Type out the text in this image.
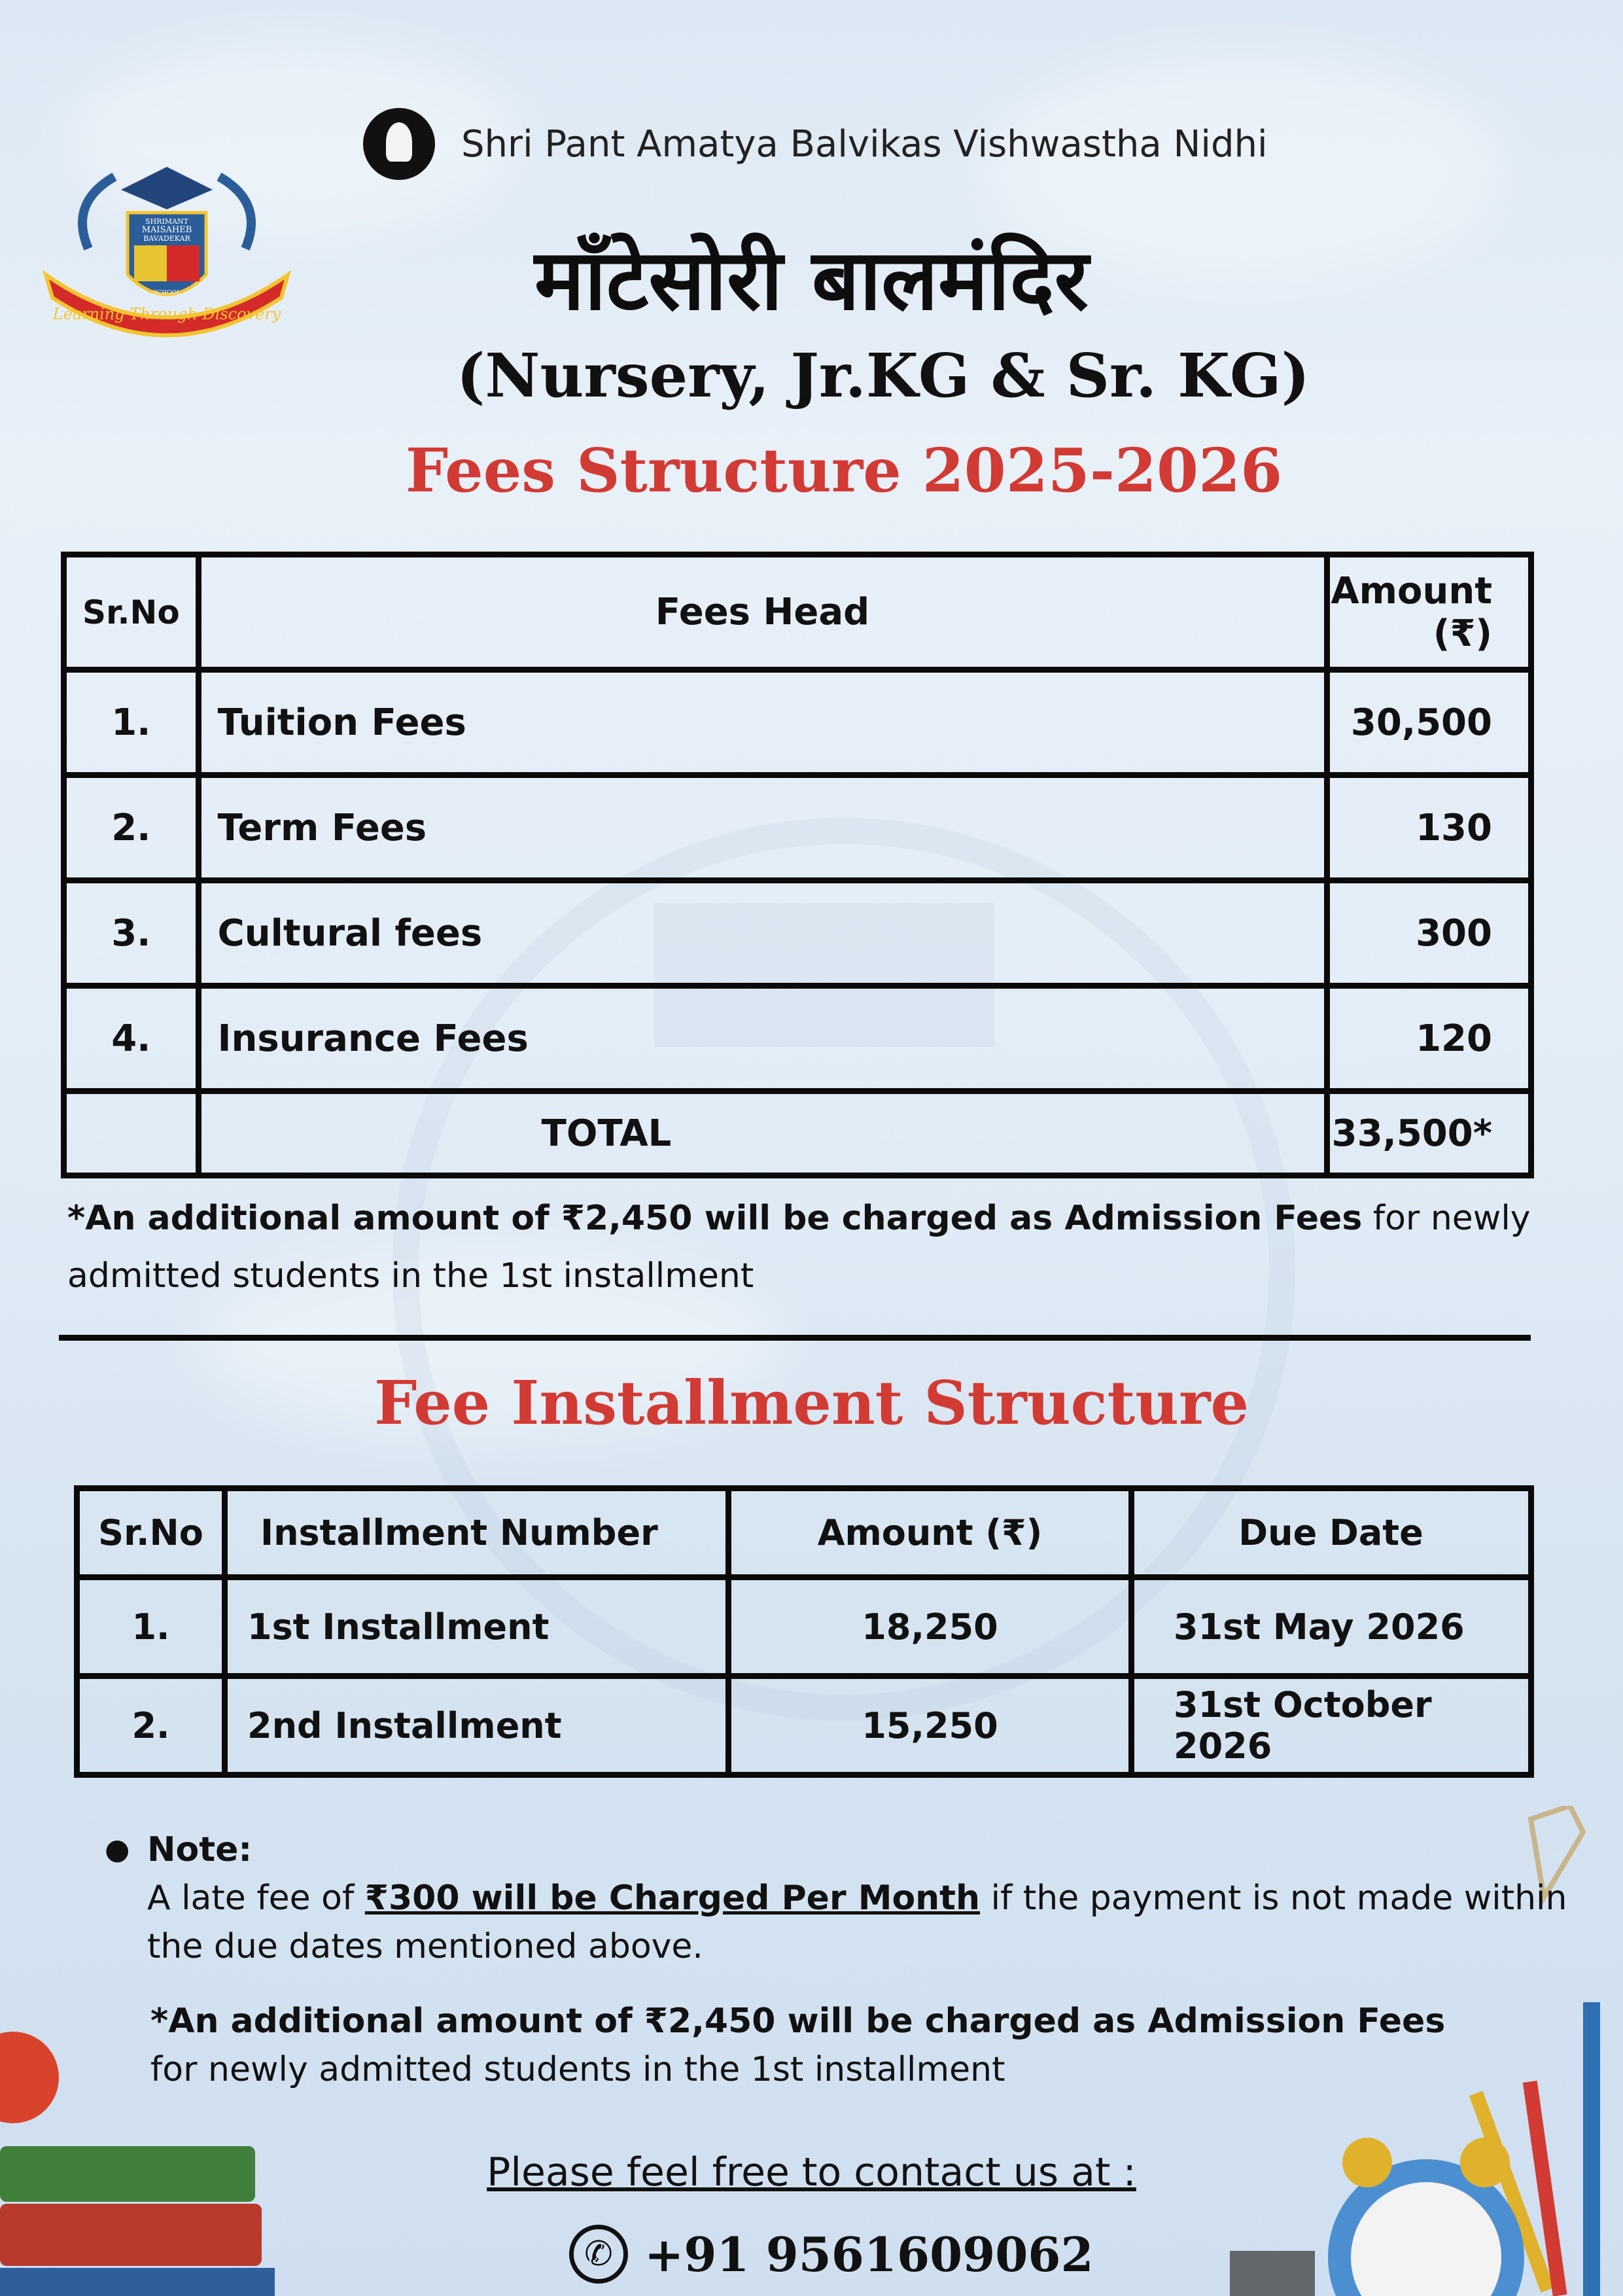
Shri Pant Amatya Balvikas Vishwastha Nidhi
SHRIMANT
MAISAHEB
BAVADEKAR
SCHOOL
Learning Through Discovery	माँटेसोरी बालमंदिर
(Nursery, Jr.KG & Sr. KG)
Fees Structure 2025-2026
Sr.No	Fees Head	Amount (₹)
1.	Tuition Fees	30,500
2.	Term Fees	130
3.	Cultural fees	300
4.	Insurance Fees	120
	TOTAL	33,500*
*An additional amount of ₹2,450 will be charged as Admission Fees for newly admitted students in the 1st installment
Fee Installment Structure
Sr.No	Installment Number	Amount (₹)	Due Date
1.	1st Installment	18,250	31st May 2026
2.	2nd Installment	15,250	31st October 2026
● Note:
A late fee of ₹300 will be Charged Per Month if the payment is not made within the due dates mentioned above.
*An additional amount of ₹2,450 will be charged as Admission Fees for newly admitted students in the 1st installment
Please feel free to contact us at :
✆ +91 9561609062
